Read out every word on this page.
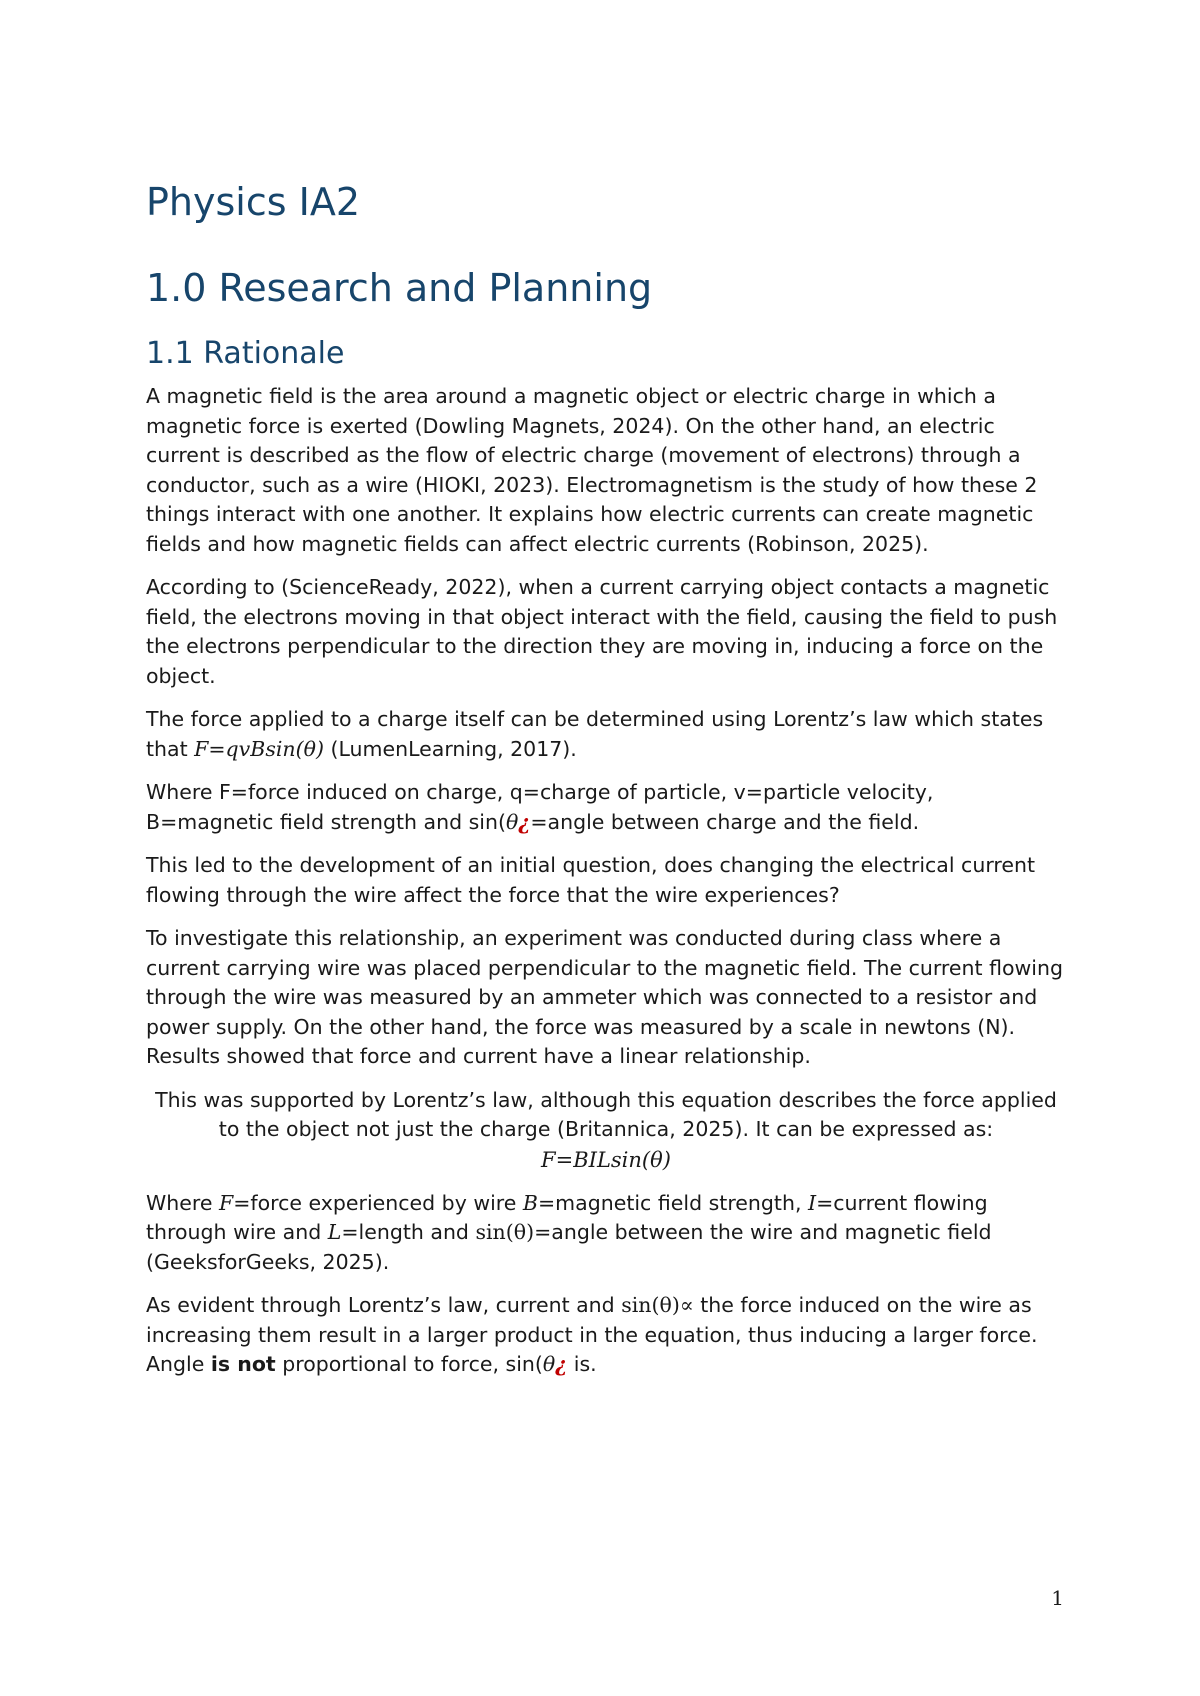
Physics IA2
1.0 Research and Planning
1.1 Rationale

A magnetic field is the area around a magnetic object or electric charge in which a magnetic force is exerted (Dowling Magnets, 2024). On the other hand, an electric current is described as the flow of electric charge (movement of electrons) through a conductor, such as a wire (HIOKI, 2023). Electromagnetism is the study of how these 2 things interact with one another. It explains how electric currents can create magnetic fields and how magnetic fields can affect electric currents (Robinson, 2025).

According to (ScienceReady, 2022), when a current carrying object contacts a magnetic field, the electrons moving in that object interact with the field, causing the field to push the electrons perpendicular to the direction they are moving in, inducing a force on the object.

The force applied to a charge itself can be determined using Lorentz’s law which states that F=qvBsin(θ) (LumenLearning, 2017).

Where F=force induced on charge, q=charge of particle, v=particle velocity, B=magnetic field strength and sin(θ¿=angle between charge and the field.

This led to the development of an initial question, does changing the electrical current flowing through the wire affect the force that the wire experiences?

To investigate this relationship, an experiment was conducted during class where a current carrying wire was placed perpendicular to the magnetic field. The current flowing through the wire was measured by an ammeter which was connected to a resistor and power supply. On the other hand, the force was measured by a scale in newtons (N). Results showed that force and current have a linear relationship.

This was supported by Lorentz’s law, although this equation describes the force applied to the object not just the charge (Britannica, 2025). It can be expressed as:

F=BILsin(θ)

Where F=force experienced by wire B=magnetic field strength, I=current flowing through wire and L=length and sin(θ)=angle between the wire and magnetic field (GeeksforGeeks, 2025).

As evident through Lorentz’s law, current and sin(θ)∝ the force induced on the wire as increasing them result in a larger product in the equation, thus inducing a larger force. Angle is not proportional to force, sin(θ¿ is.

1
